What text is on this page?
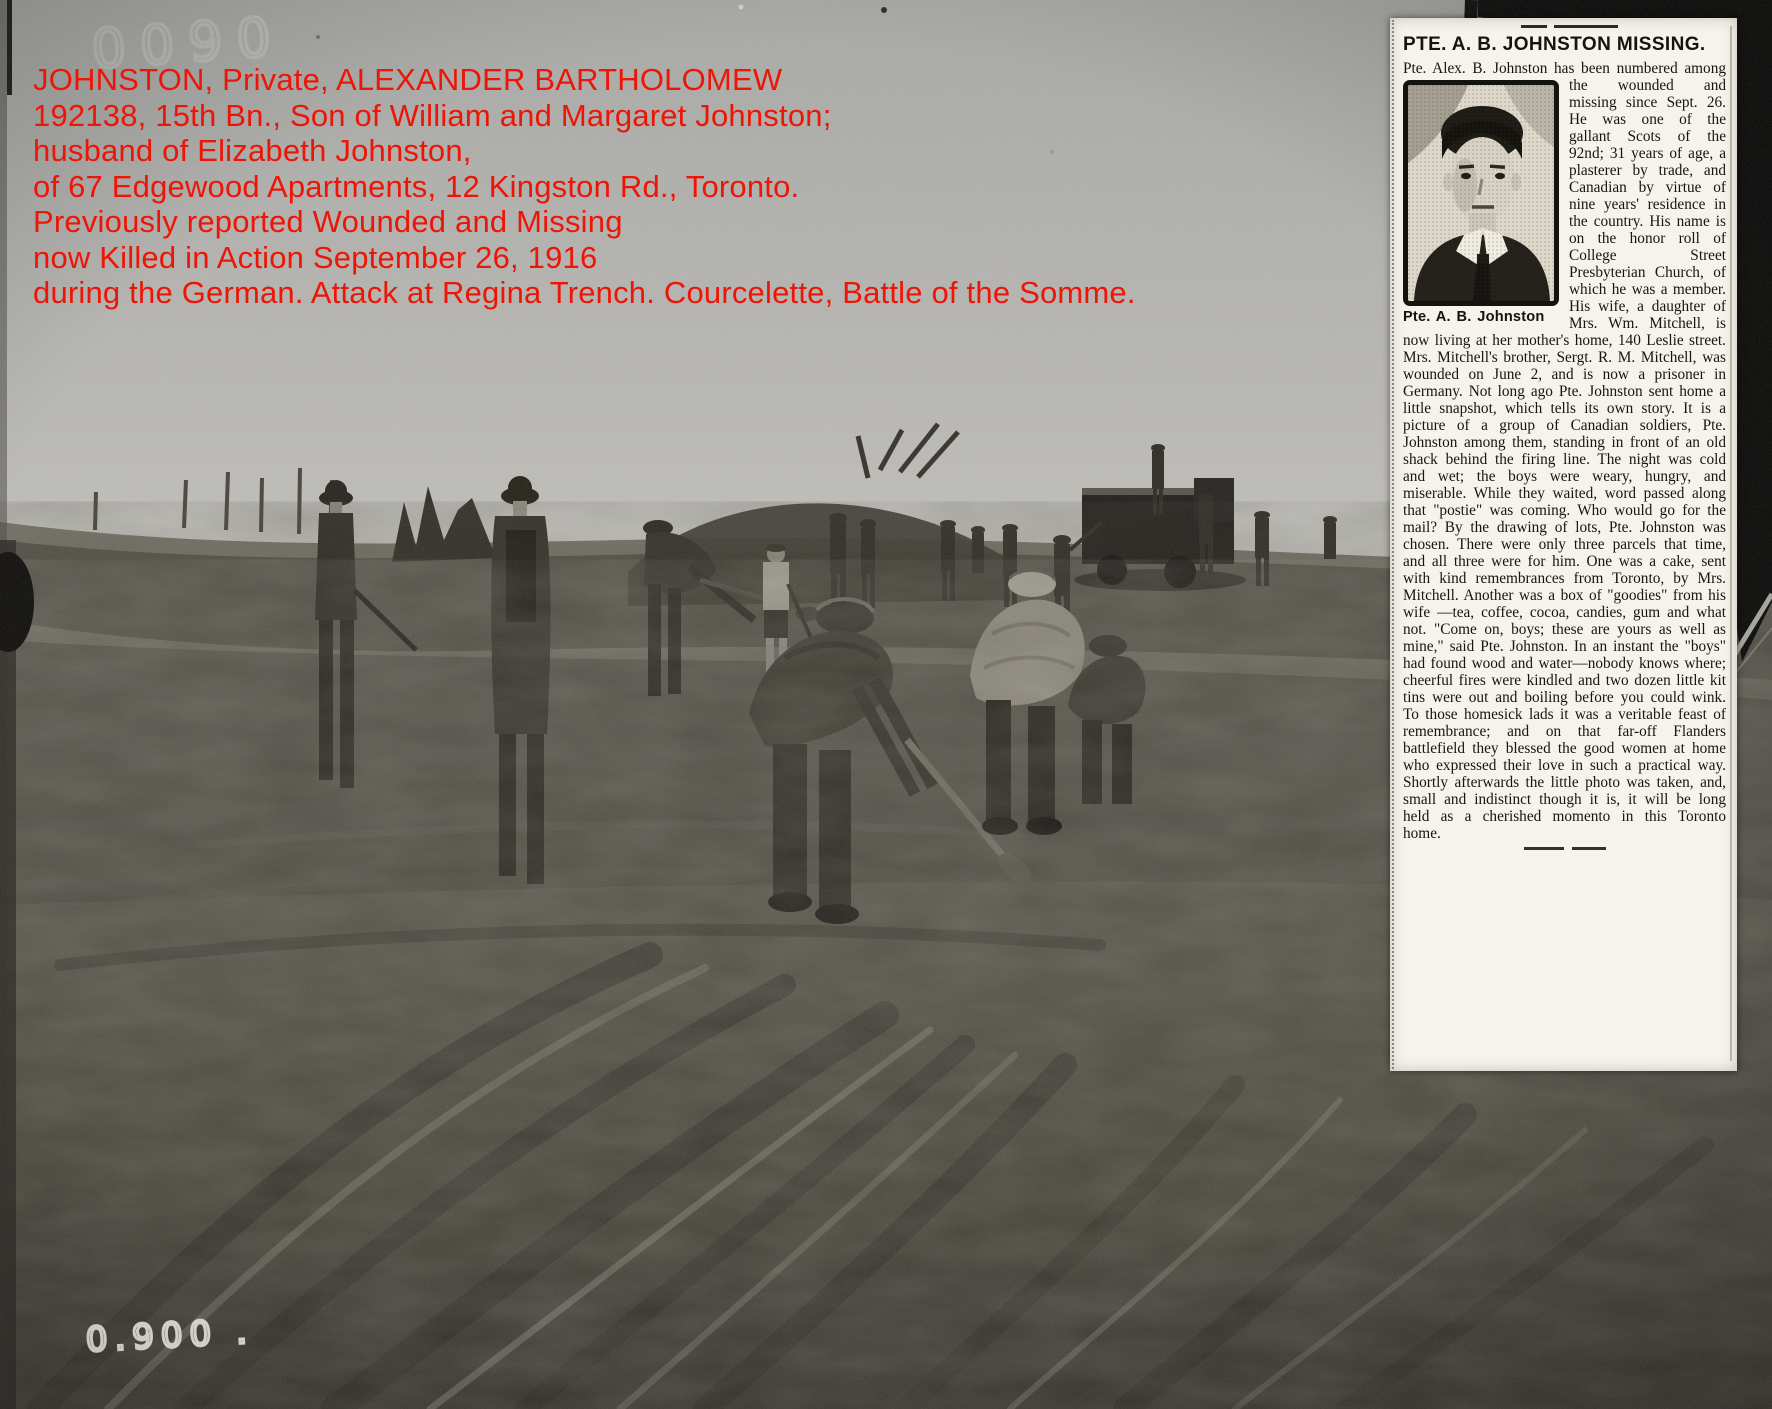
JOHNSTON, Private, ALEXANDER BARTHOLOMEW
192138, 15th Bn., Son of William and Margaret Johnston;
husband of Elizabeth Johnston,
of 67 Edgewood Apartments, 12 Kingston Rd., Toronto.
Previously reported Wounded and Missing
now Killed in Action September 26, 1916
during the German. Attack at Regina Trench. Courcelette, Battle of the Somme.
PTE. A. B. JOHNSTON MISSING.
Pte. Alex. B. Johnston has been
Pte. A. B. Johnston
numbered among the wounded and missing since Sept. 26. He was one of the gallant Scots of the 92nd; 31 years of age, a plasterer by trade, and Canadian by virtue of nine years' residence in the country. His name is on the honor roll of College Street Presbyterian Church, of which he was a member. His wife, a daughter of Mrs. Wm. Mitchell, is now living at her mother's home, 140 Leslie street. Mrs. Mitchell's brother, Sergt. R. M. Mitchell, was wounded on June 2, and is now a prisoner in Germany. Not long ago Pte. Johnston sent home a little snapshot, which tells its own story. It is a picture of a group of Canadian soldiers, Pte. Johnston among them, standing in front of an old shack behind the firing line. The night was cold and wet; the boys were weary, hungry, and miserable. While they waited, word passed along that "postie" was coming. Who would go for the mail? By the drawing of lots, Pte. Johnston was chosen. There were only three parcels that time, and all three were for him. One was a cake, sent with kind remembrances from Toronto, by Mrs. Mitchell. Another was a box of "goodies" from his wife —tea, coffee, cocoa, candies, gum and what not. "Come on, boys; these are yours as well as mine," said Pte. Johnston. In an instant the "boys" had found wood and water—nobody knows where; cheerful fires were kindled and two dozen little kit tins were out and boiling before you could wink. To those homesick lads it was a veritable feast of remembrance; and on that far-off Flanders battlefield they blessed the good women at home who expressed their love in such a practical way. Shortly afterwards the little photo was taken, and, small and indistinct though it is, it will be long held as a cherished momento in this Toronto home.
